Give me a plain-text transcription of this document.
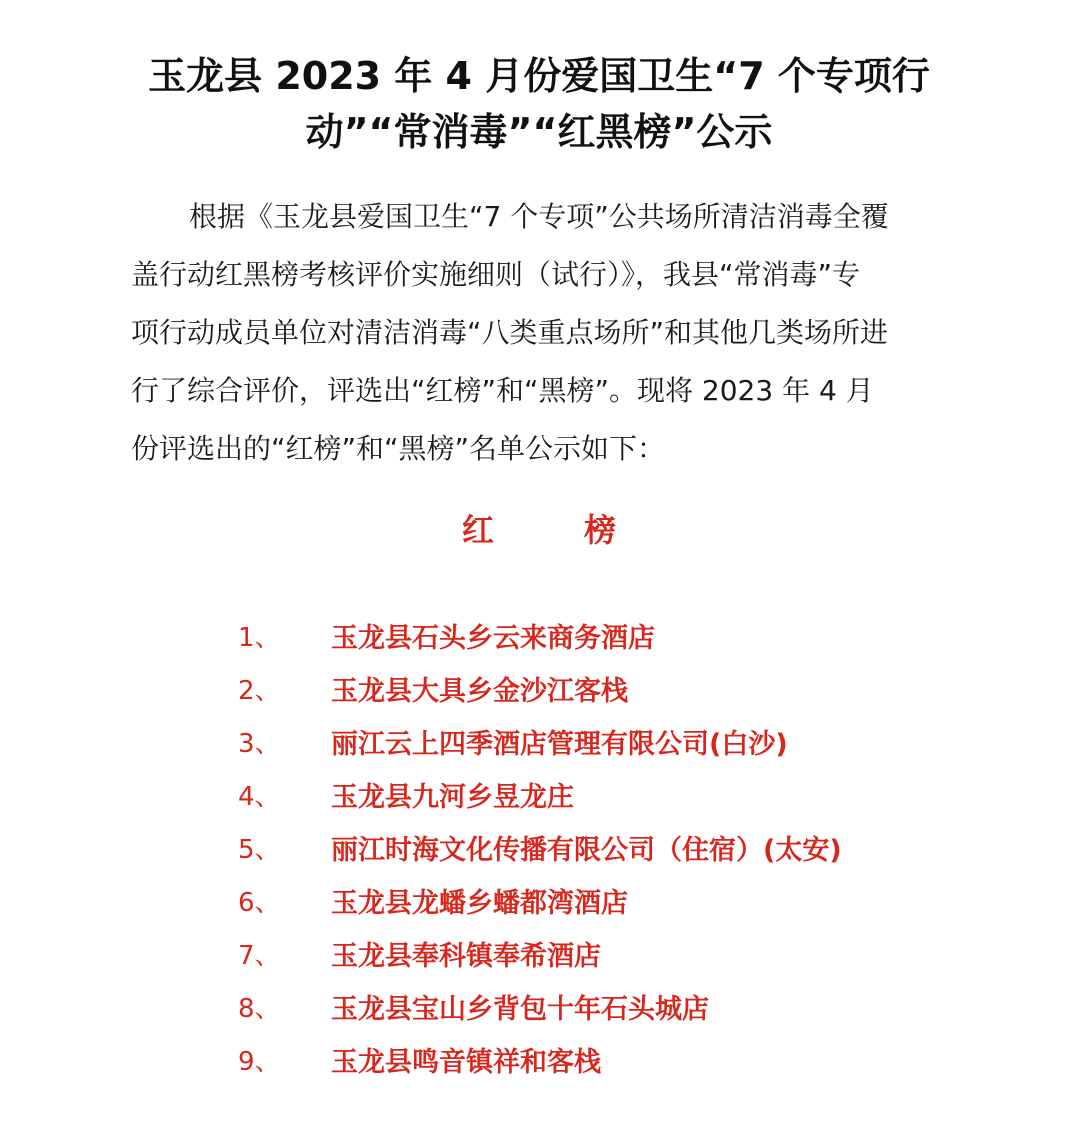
玉龙县 2023 年 4 月份爱国卫生“7 个专项行
动”“常消毒”“红黑榜”公示
根据《玉龙县爱国卫生“7 个专项”公共场所清洁消毒全覆
盖行动红黑榜考核评价实施细则（试行）》，我县“常消毒”专
项行动成员单位对清洁消毒“八类重点场所”和其他几类场所进
行了综合评价，评选出“红榜”和“黑榜”。现将 2023 年 4 月
份评选出的“红榜”和“黑榜”名单公示如下：
红	榜
1、 玉龙县石头乡云来商务酒店
2、 玉龙县大具乡金沙江客栈
3、 丽江云上四季酒店管理有限公司(白沙)
4、 玉龙县九河乡昱龙庄
5、 丽江时海文化传播有限公司（住宿）(太安)
6、 玉龙县龙蟠乡蟠都湾酒店
7、 玉龙县奉科镇奉希酒店
8、 玉龙县宝山乡背包十年石头城店
9、 玉龙县鸣音镇祥和客栈
